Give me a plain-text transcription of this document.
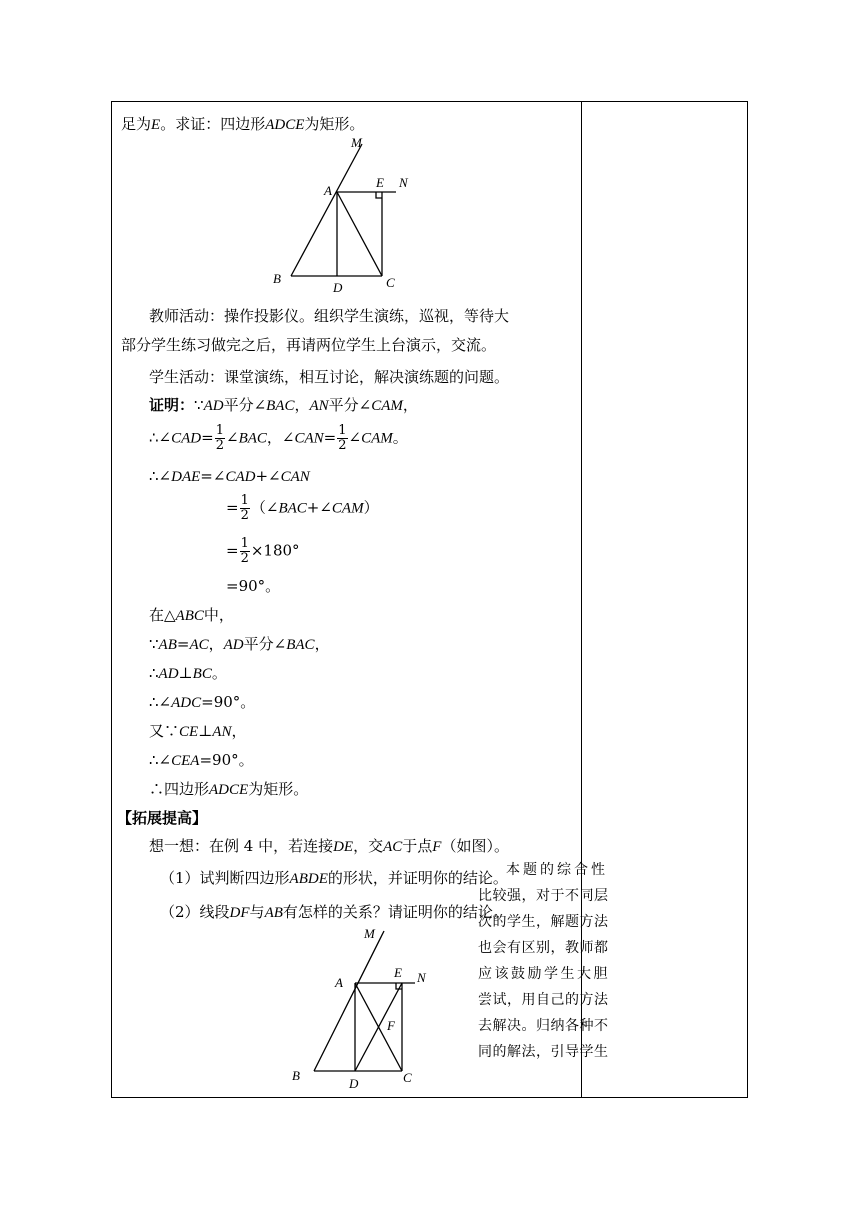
足为E。求证：四边形ADCE为矩形。
M
A
E N
B
D	C
教师活动：操作投影仪。组织学生演练，巡视，等待大
部分学生练习做完之后，再请两位学生上台演示，交流。
学生活动：课堂演练，相互讨论，解决演练题的问题。
证明：∵AD平分∠BAC，AN平分∠CAM，
∴∠CAD= $\frac{1}{2}$ ∠BAC，∠CAN= $\frac{1}{2}$ ∠CAM。
∴∠DAE=∠CAD+∠CAN
= $\frac{1}{2}$ （∠BAC+∠CAM）
= $\frac{1}{2} \times 180^\circ$
=90°。
在△ABC中，
∵AB=AC，AD平分∠BAC，
∴AD⊥BC。
∴∠ADC=90°。
又∵CE⊥AN，
∴∠CEA=90°。
∴四边形ADCE为矩形。
【拓展提高】
想一想：在例 4 中，若连接DE，交AC于点F（如图）。
（1）试判断四边形ABDE的形状，并证明你的结论。
（2）线段DF与AB有怎样的关系？请证明你的结论。
M
A
E N
F
B
D	C
本题的综合性
比较强，对于不同层
次的学生，解题方法
也会有区别，教师都
应该鼓励学生大胆
尝试，用自己的方法
去解决。归纳各种不
同的解法，引导学生
